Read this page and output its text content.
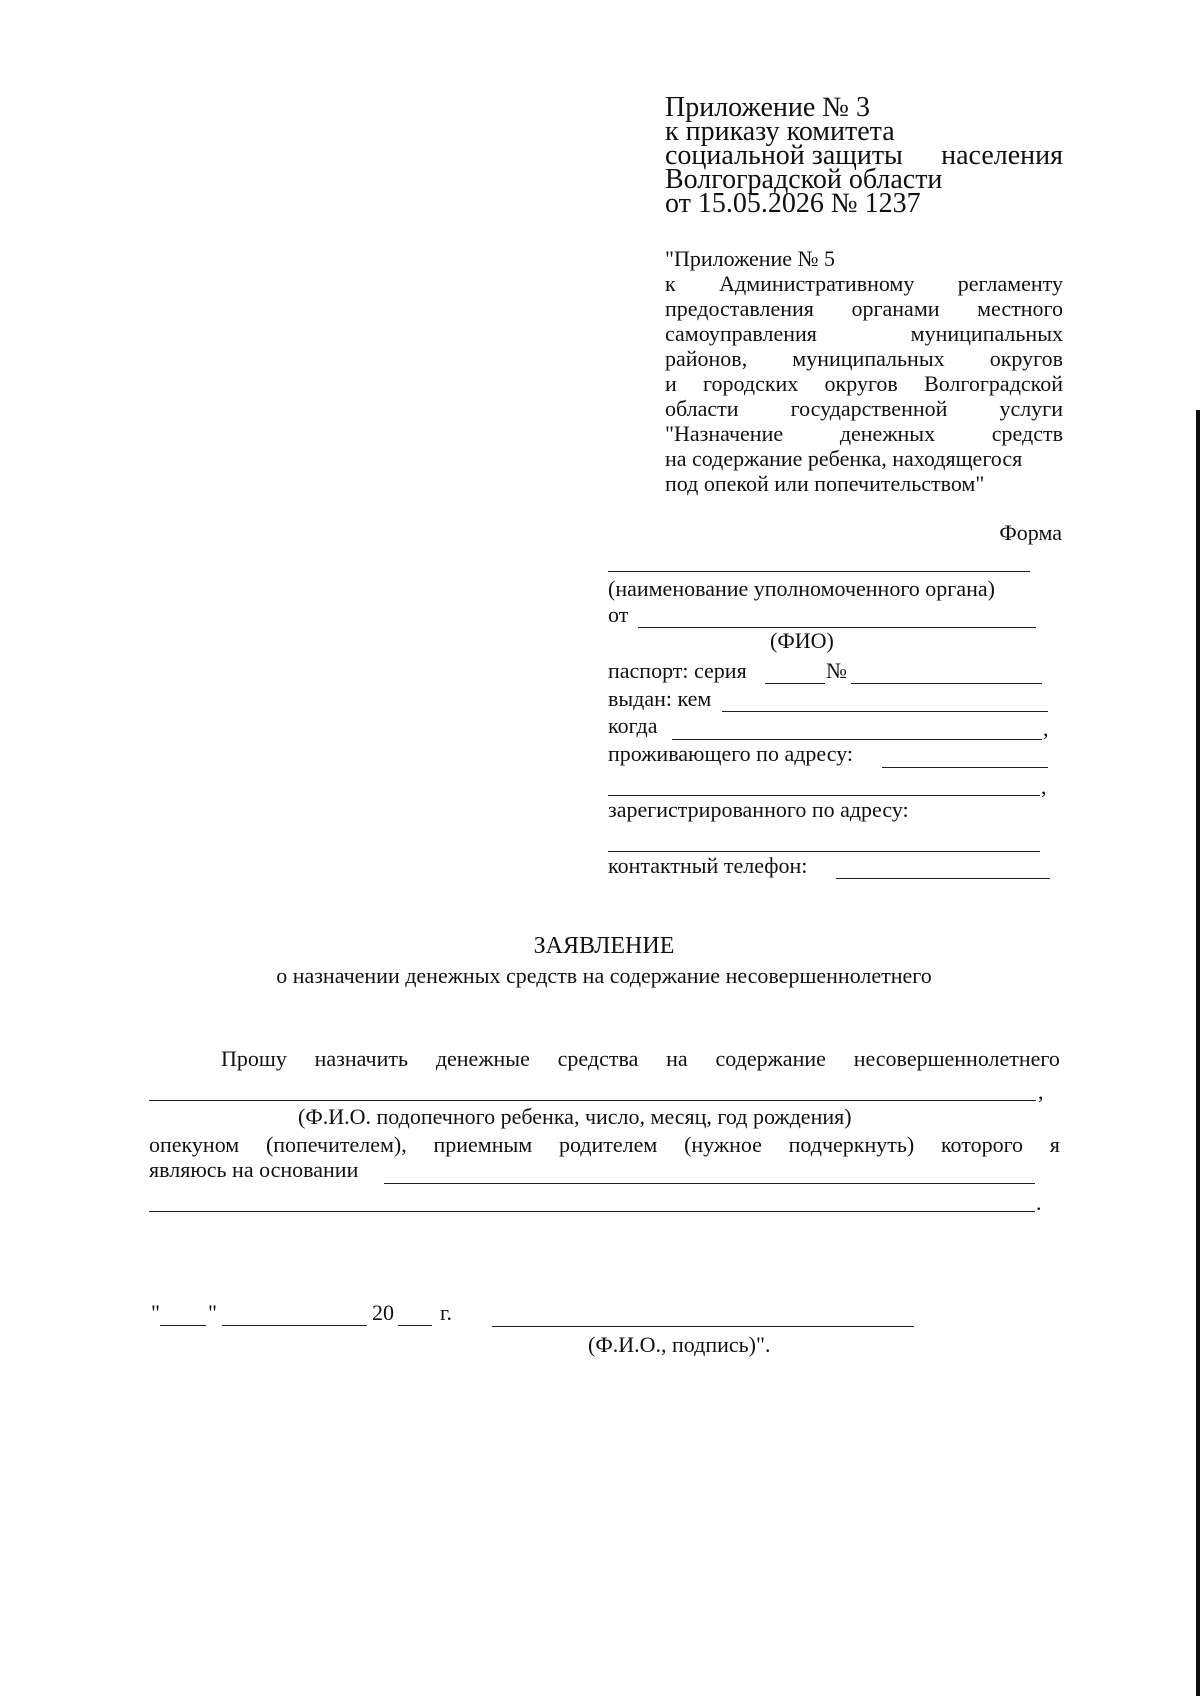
Приложение № 3
к приказу комитета
социальной защиты населения
Волгоградской области
от 15.05.2026 № 1237
"Приложение № 5
к Административному регламенту
предоставления органами местного
самоуправления	муниципальных
районов, муниципальных округов
и городских округов Волгоградской
области государственной услуги
"Назначение	денежных	средств
на содержание ребенка, находящегося
под опекой или попечительством"
Форма
(наименование уполномоченного органа)
от
(ФИО)
паспорт: серия	№
выдан: кем
когда	,
проживающего по адресу:
,
зарегистрированного по адресу:
контактный телефон:
ЗАЯВЛЕНИЕ
о назначении денежных средств на содержание несовершеннолетнего
Прошу назначить денежные средства на содержание несовершеннолетнего
,
(Ф.И.О. подопечного ребенка, число, месяц, год рождения)
опекуном (попечителем), приемным родителем (нужное подчеркнуть) которого я
являюсь на основании
.
" "	20 г.
(Ф.И.О., подпись)".
